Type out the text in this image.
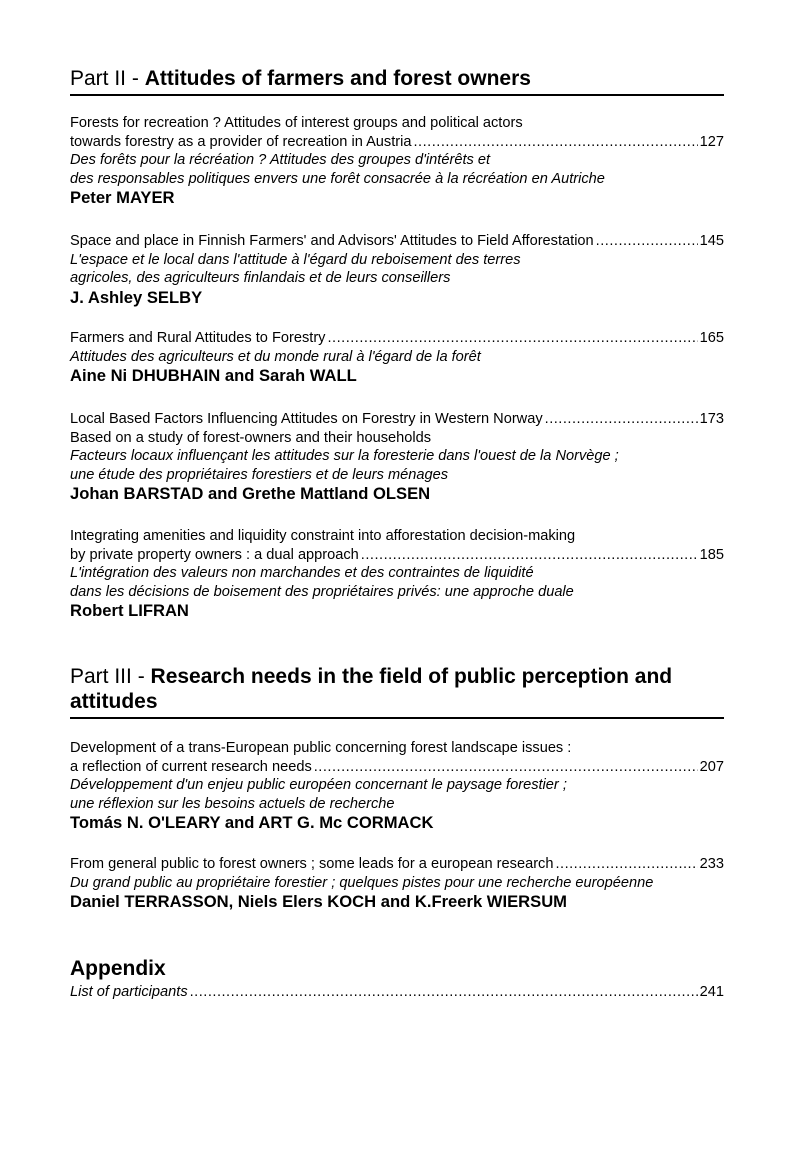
Part II - Attitudes of farmers and forest owners
Forests for recreation ? Attitudes of interest groups and political actors
towards forestry as a provider of recreation in Austria .....	127
Des forêts pour la récréation ? Attitudes des groupes d'intérêts et
des responsables politiques envers une forêt consacrée à la récréation en Autriche
Peter MAYER
Space and place in Finnish Farmers' and Advisors' Attitudes to Field Afforestation .....	145
L'espace et le local dans l'attitude à l'égard du reboisement des terres
agricoles, des agriculteurs finlandais et de leurs conseillers
J. Ashley SELBY
Farmers and Rural Attitudes to Forestry .....	165
Attitudes des agriculteurs et du monde rural à l'égard de la forêt
Aine Ni DHUBHAIN and Sarah WALL
Local Based Factors Influencing Attitudes on Forestry in Western Norway .....	173
Based on a study of forest-owners and their households
Facteurs locaux influençant les attitudes sur la foresterie dans l'ouest de la Norvège ;
une étude des propriétaires forestiers et de leurs ménages
Johan BARSTAD and Grethe Mattland OLSEN
Integrating amenities and liquidity constraint into afforestation decision-making
by private property owners : a dual approach .....	185
L'intégration des valeurs non marchandes et des contraintes de liquidité
dans les décisions de boisement des propriétaires privés: une approche duale
Robert LIFRAN
Part III - Research needs in the field of public perception and
attitudes
Development of a trans-European public concerning forest landscape issues :
a reflection of current research needs .....	207
Développement d'un enjeu public européen concernant le paysage forestier ;
une réflexion sur les besoins actuels de recherche
Tomás N. O'LEARY and ART G. Mc CORMACK
From general public to forest owners ; some leads for a european research .....	233
Du grand public au propriétaire forestier ; quelques pistes pour une recherche européenne
Daniel TERRASSON, Niels Elers KOCH and K.Freerk WIERSUM
Appendix
List of participants .....	241
